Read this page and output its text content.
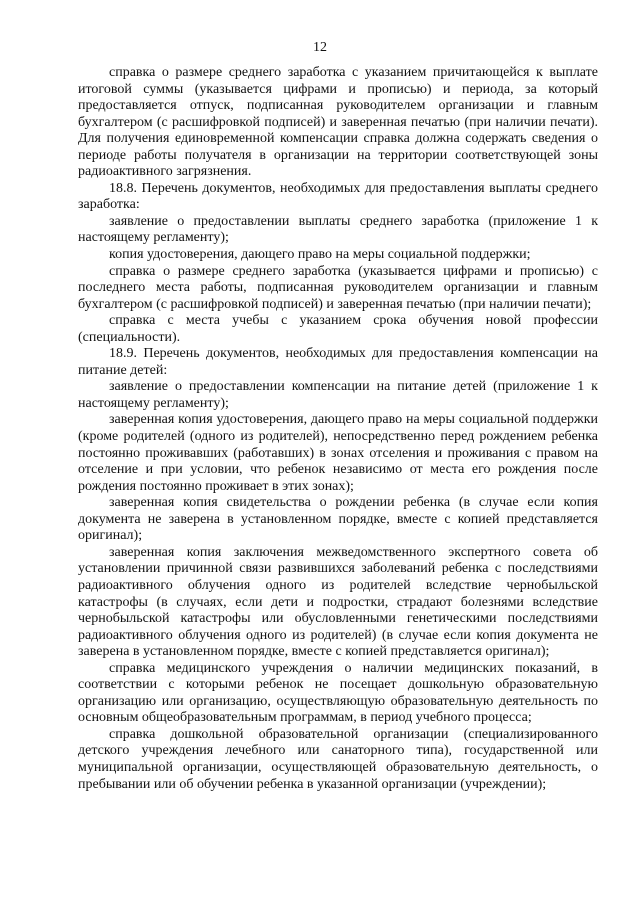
12

справка о размере среднего заработка с указанием причитающейся к выплате итоговой суммы (указывается цифрами и прописью) и периода, за который предоставляется отпуск, подписанная руководителем организации и главным бухгалтером (с расшифровкой подписей) и заверенная печатью (при наличии печати). Для получения единовременной компенсации справка должна содержать сведения о периоде работы получателя в организации на территории соответствующей зоны радиоактивного загрязнения.

18.8. Перечень документов, необходимых для предоставления выплаты среднего заработка:

заявление о предоставлении выплаты среднего заработка (приложение 1 к настоящему регламенту);

копия удостоверения, дающего право на меры социальной поддержки;

справка о размере среднего заработка (указывается цифрами и прописью) с последнего места работы, подписанная руководителем организации и главным бухгалтером (с расшифровкой подписей) и заверенная печатью (при наличии печати);

справка с места учебы с указанием срока обучения новой профессии (специальности).

18.9. Перечень документов, необходимых для предоставления компенсации на питание детей:

заявление о предоставлении компенсации на питание детей (приложение 1 к настоящему регламенту);

заверенная копия удостоверения, дающего право на меры социальной поддержки (кроме родителей (одного из родителей), непосредственно перед рождением ребенка постоянно проживавших (работавших) в зонах отселения и проживания с правом на отселение и при условии, что ребенок независимо от места его рождения после рождения постоянно проживает в этих зонах);

заверенная копия свидетельства о рождении ребенка (в случае если копия документа не заверена в установленном порядке, вместе с копией представляется оригинал);

заверенная копия заключения межведомственного экспертного совета об установлении причинной связи развившихся заболеваний ребенка с последствиями радиоактивного облучения одного из родителей вследствие чернобыльской катастрофы (в случаях, если дети и подростки, страдают болезнями вследствие чернобыльской катастрофы или обусловленными генетическими последствиями радиоактивного облучения одного из родителей) (в случае если копия документа не заверена в установленном порядке, вместе с копией представляется оригинал);

справка медицинского учреждения о наличии медицинских показаний, в соответствии с которыми ребенок не посещает дошкольную образовательную организацию или организацию, осуществляющую образовательную деятельность по основным общеобразовательным программам, в период учебного процесса;

справка дошкольной образовательной организации (специализированного детского учреждения лечебного или санаторного типа), государственной или муниципальной организации, осуществляющей образовательную деятельность, о пребывании или об обучении ребенка в указанной организации (учреждении);
